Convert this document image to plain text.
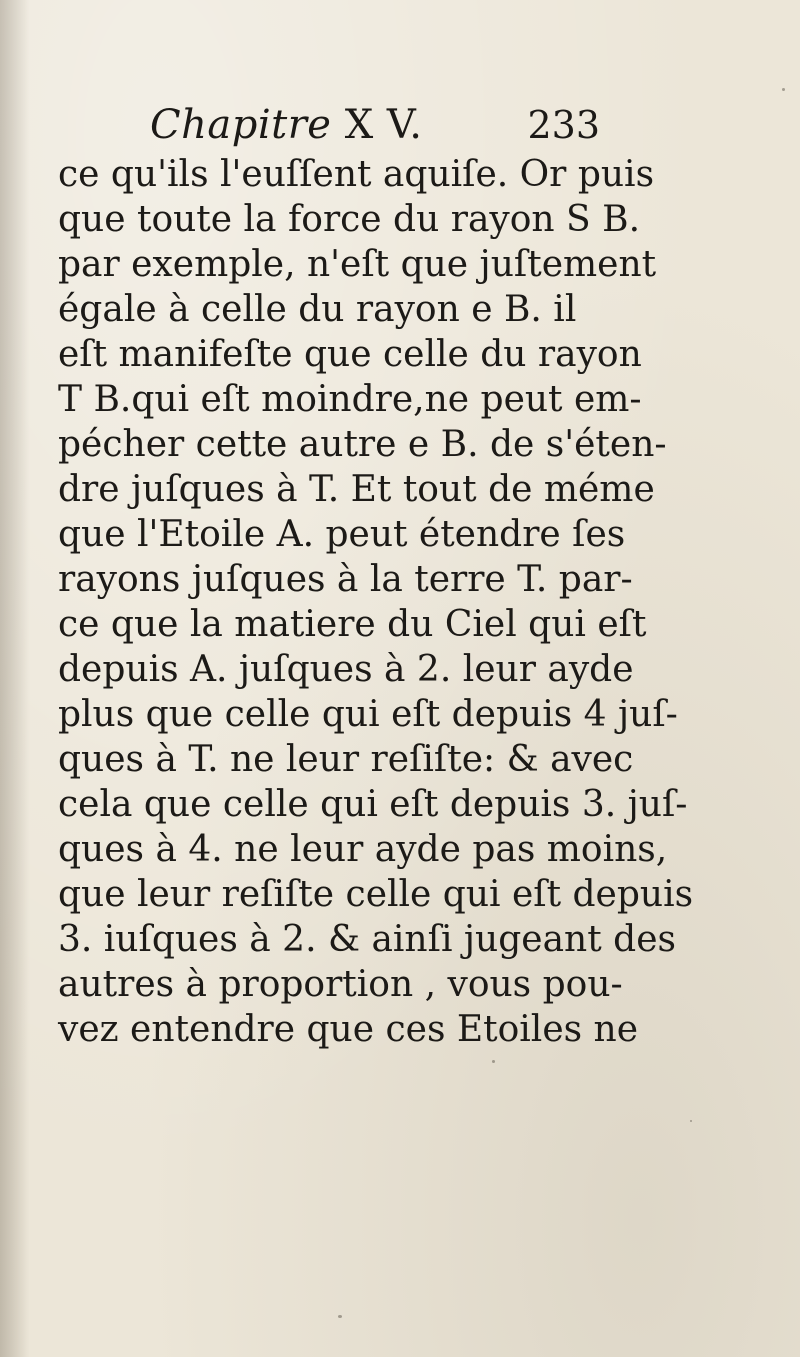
Chapitre X V.	233
ce qu'ils l'euſſent aquiſe. Or puis
que toute la force du rayon S B.
par exemple, n'eſt que juſtement
égale à celle du rayon e B. il
eſt manifeſte que celle du rayon
T B.qui eſt moindre,ne peut em-
pécher cette autre e B. de s'éten-
dre juſques à T. Et tout de méme
que l'Etoile A. peut étendre ſes
rayons juſques à la terre T. par-
ce que la matiere du Ciel qui eſt
depuis A. juſques à 2. leur ayde
plus que celle qui eſt depuis 4 juſ-
ques à T. ne leur reſiſte: & avec
cela que celle qui eſt depuis 3. juſ-
ques à 4. ne leur ayde pas moins,
que leur reſiſte celle qui eſt depuis
3. iuſques à 2. & ainſi jugeant des
autres à proportion , vous pou-
vez entendre que ces Etoiles ne
